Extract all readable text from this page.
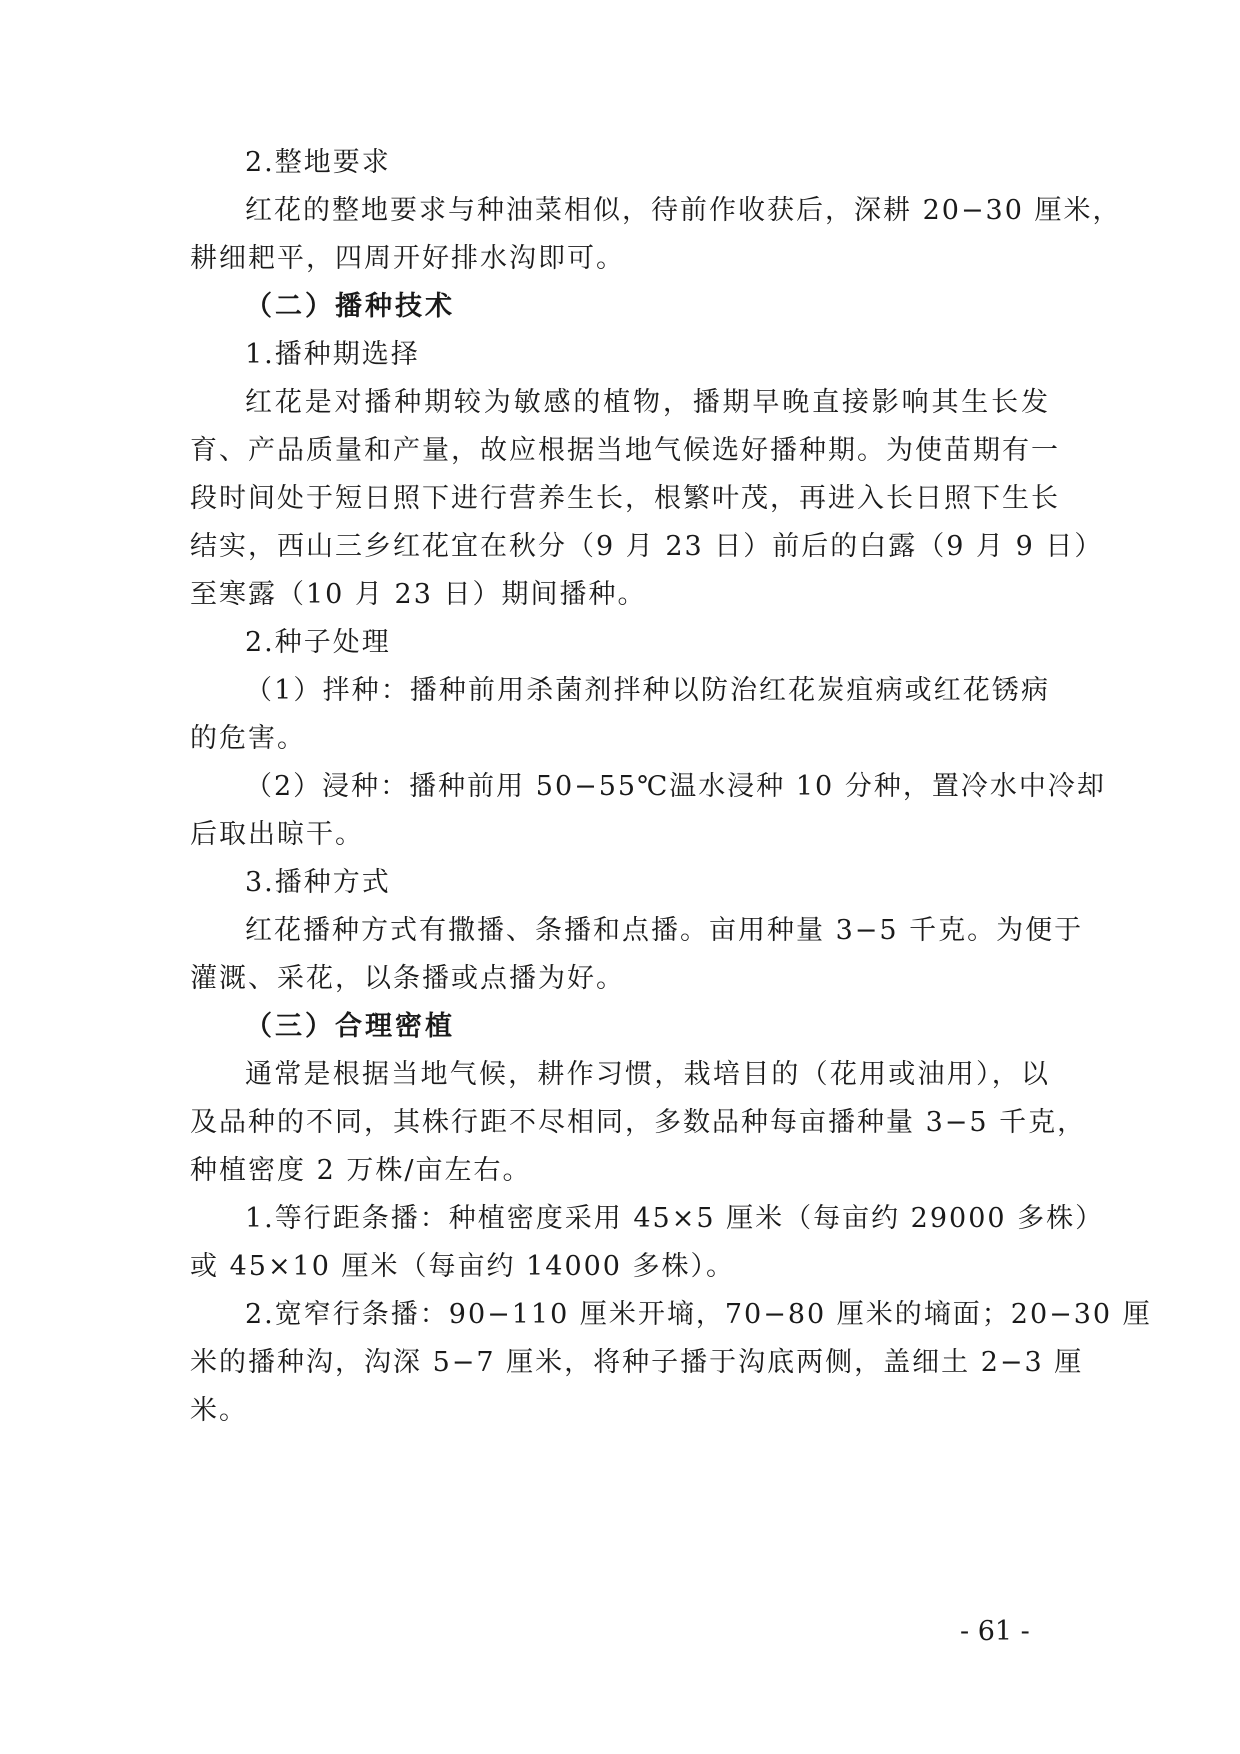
2.整地要求
红花的整地要求与种油菜相似，待前作收获后，深耕 20−30 厘米，
耕细耙平，四周开好排水沟即可。
（二）播种技术
1.播种期选择
红花是对播种期较为敏感的植物，播期早晚直接影响其生长发
育、产品质量和产量，故应根据当地气候选好播种期。为使苗期有一
段时间处于短日照下进行营养生长，根繁叶茂，再进入长日照下生长
结实，西山三乡红花宜在秋分（9 月 23 日）前后的白露（9 月 9 日）
至寒露（10 月 23 日）期间播种。
2.种子处理
（1）拌种：播种前用杀菌剂拌种以防治红花炭疽病或红花锈病
的危害。
（2）浸种：播种前用 50−55℃温水浸种 10 分种，置冷水中冷却
后取出晾干。
3.播种方式
红花播种方式有撒播、条播和点播。亩用种量 3−5 千克。为便于
灌溉、采花，以条播或点播为好。
（三）合理密植
通常是根据当地气候，耕作习惯，栽培目的（花用或油用），以
及品种的不同，其株行距不尽相同，多数品种每亩播种量 3−5 千克，
种植密度 2 万株/亩左右。
1.等行距条播：种植密度采用 45×5 厘米（每亩约 29000 多株）
或 45×10 厘米（每亩约 14000 多株）。
2.宽窄行条播：90−110 厘米开墒，70−80 厘米的墒面；20−30 厘
米的播种沟，沟深 5−7 厘米，将种子播于沟底两侧，盖细土 2−3 厘
米。
- 61 -
